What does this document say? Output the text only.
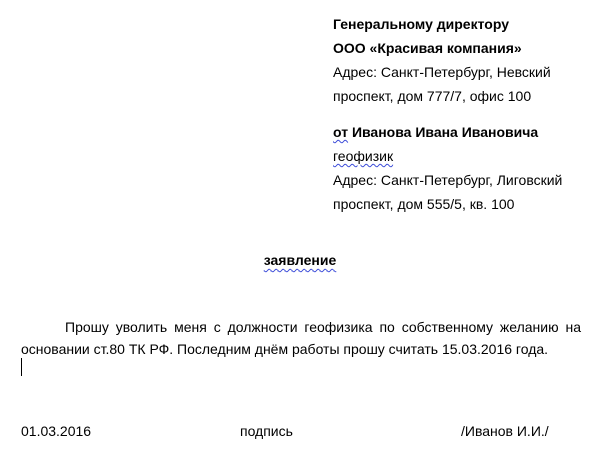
Генеральному директору
ООО «Красивая компания»
Адрес: Санкт-Петербург, Невский
проспект, дом 777/7, офис 100
от Иванова Ивана Ивановича
геофизик
Адрес: Санкт-Петербург, Лиговский
проспект, дом 555/5, кв. 100
заявление
Прошу уволить меня с должности геофизика по собственному желанию на основании ст.80 ТК РФ. Последним днём работы прошу считать 15.03.2016 года.
01.03.2016	подпись	/Иванов И.И./
